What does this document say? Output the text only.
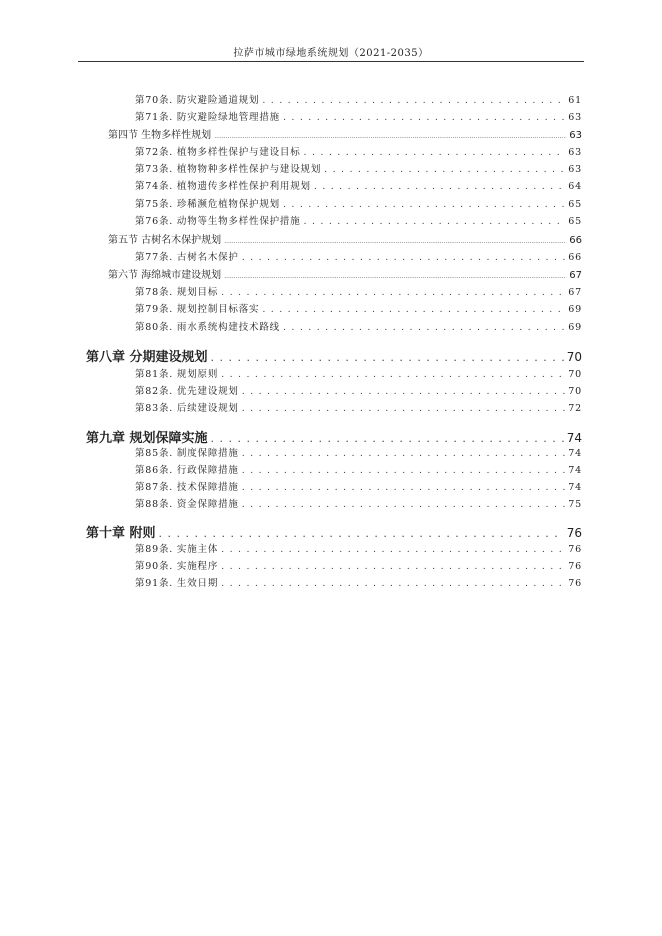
拉萨市城市绿地系统规划（2021-2035）
第70条. 防灾避险通道规划 . . .	61
第71条. 防灾避险绿地管理措施 . . .	63
第四节 生物多样性规划 .....	63
第72条. 植物多样性保护与建设目标 . . .	63
第73条. 植物物种多样性保护与建设规划 . . .	63
第74条. 植物遗传多样性保护利用规划 . . .	64
第75条. 珍稀濒危植物保护规划 . . .	65
第76条. 动物等生物多样性保护措施 . . .	65
第五节 古树名木保护规划 .....	66
第77条. 古树名木保护 . . .	66
第六节 海绵城市建设规划 .....	67
第78条. 规划目标 . . .	67
第79条. 规划控制目标落实 . . .	69
第80条. 雨水系统构建技术路线 . . .	69
第八章 分期建设规划 . . .	70
第81条. 规划原则 . . .	70
第82条. 优先建设规划 . . .	70
第83条. 后续建设规划 . . .	72
第九章 规划保障实施 . . .	74
第85条. 制度保障措施 . . .	74
第86条. 行政保障措施 . . .	74
第87条. 技术保障措施 . . .	74
第88条. 资金保障措施 . . .	75
第十章 附则 . . .	76
第89条. 实施主体 . . .	76
第90条. 实施程序 . . .	76
第91条. 生效日期 . . .	76
